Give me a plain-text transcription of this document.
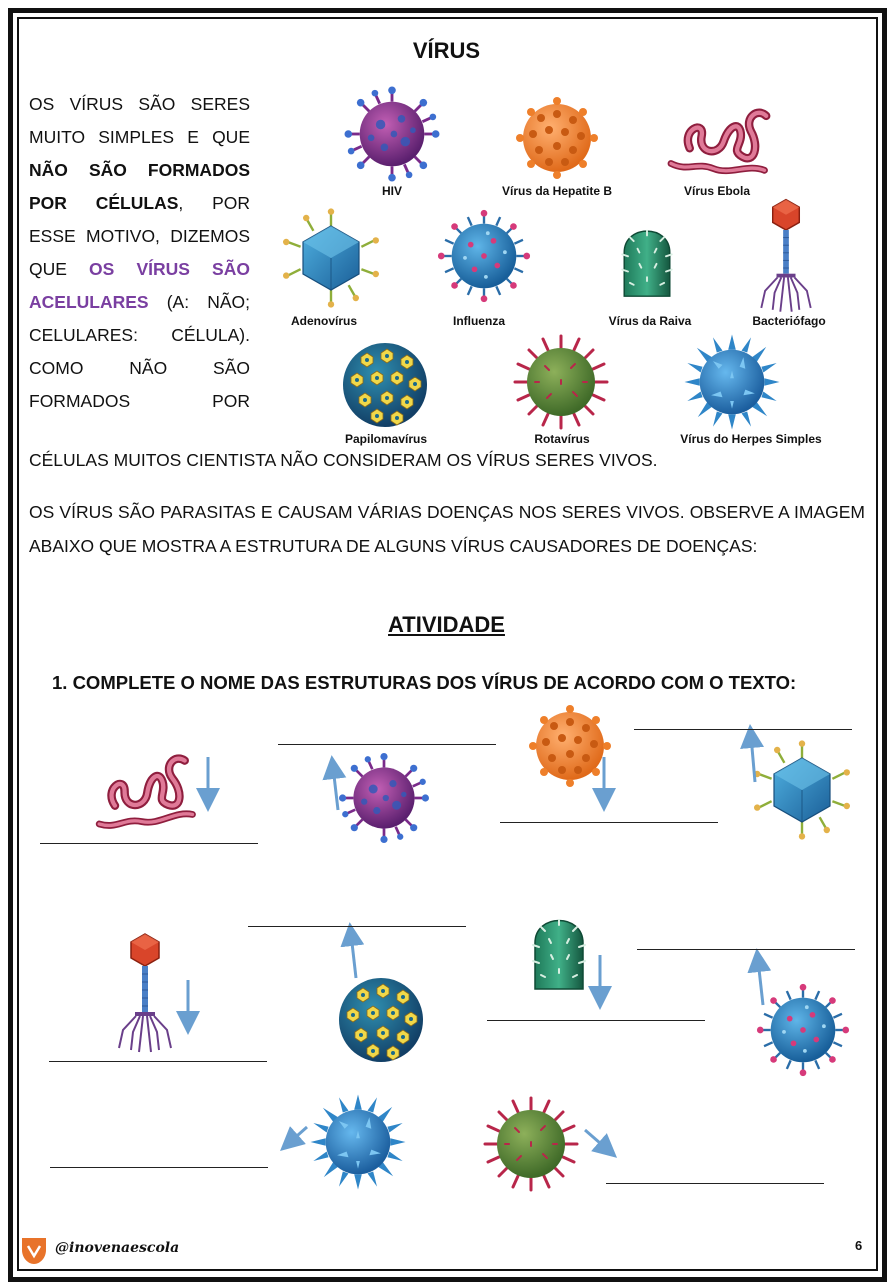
VÍRUS
OS VÍRUS SÃO SERES MUITO SIMPLES E QUE NÃO SÃO FORMADOS POR CÉLULAS, POR ESSE MOTIVO, DIZEMOS QUE OS VÍRUS SÃO ACELULARES (A: NÃO; CELULARES: CÉLULA). COMO NÃO SÃO FORMADOS POR
CÉLULAS MUITOS CIENTISTA NÃO CONSIDERAM OS VÍRUS SERES VIVOS.
OS VÍRUS SÃO PARASITAS E CAUSAM VÁRIAS DOENÇAS NOS SERES VIVOS. OBSERVE A IMAGEM ABAIXO QUE MOSTRA A ESTRUTURA DE ALGUNS VÍRUS CAUSADORES DE DOENÇAS:
ATIVIDADE
1. COMPLETE O NOME DAS ESTRUTURAS DOS VÍRUS DE ACORDO COM O TEXTO:
HIV	Vírus da Hepatite B	Vírus Ebola
Adenovírus	Influenza	Vírus da Raiva	Bacteriófago
Papilomavírus	Rotavírus	Vírus do Herpes Simples
@inovenaescola	6
